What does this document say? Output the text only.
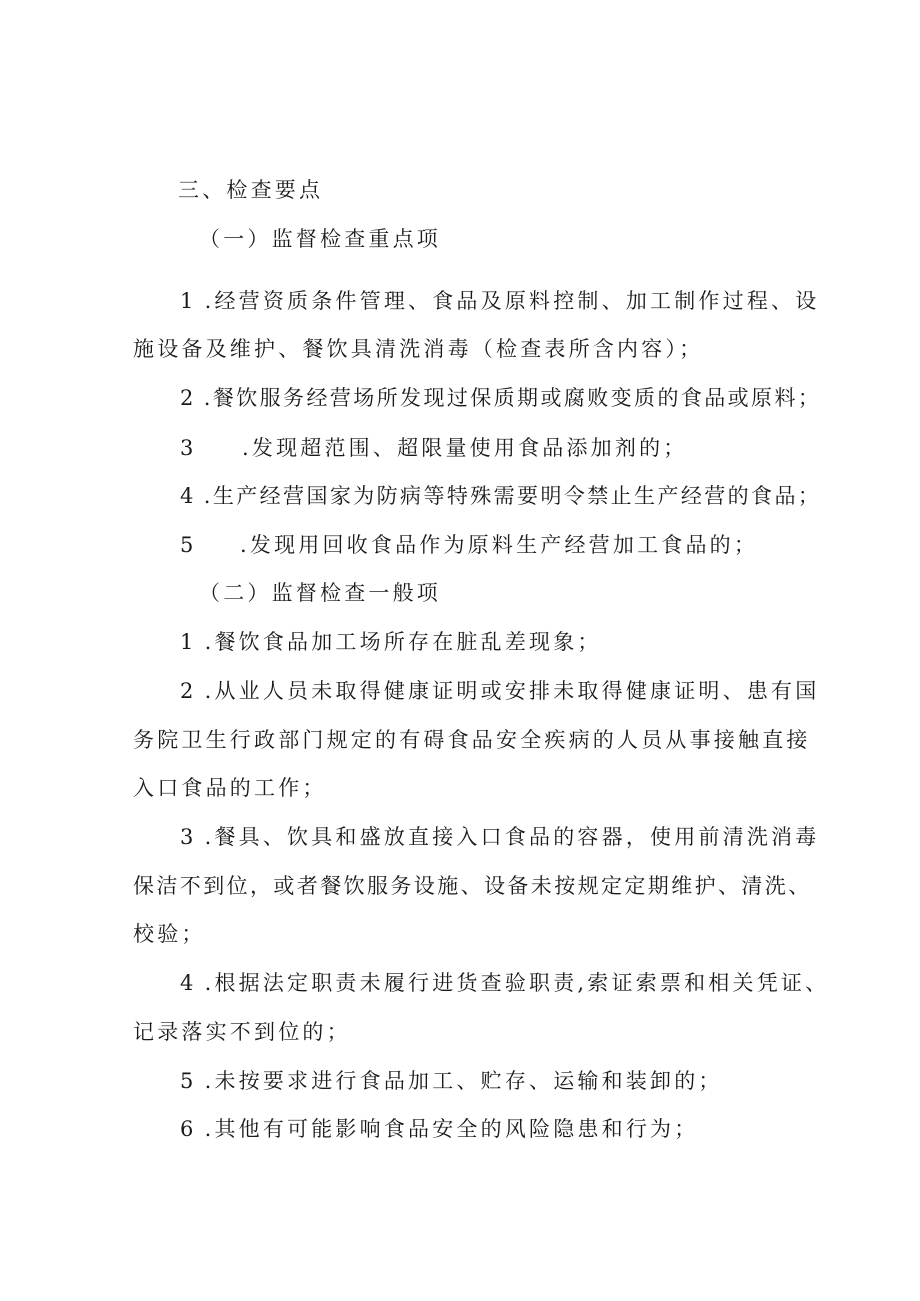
三、检查要点
（一）监督检查重点项
1 .经营资质条件管理、食品及原料控制、加工制作过程、设
施设备及维护、餐饮具清洗消毒（检查表所含内容）；
2 .餐饮服务经营场所发现过保质期或腐败变质的食品或原料；
3 .发现超范围、超限量使用食品添加剂的；
4 .生产经营国家为防病等特殊需要明令禁止生产经营的食品；
5 .发现用回收食品作为原料生产经营加工食品的；
（二）监督检查一般项
1 .餐饮食品加工场所存在脏乱差现象；
2 .从业人员未取得健康证明或安排未取得健康证明、患有国
务院卫生行政部门规定的有碍食品安全疾病的人员从事接触直接
入口食品的工作；
3 .餐具、饮具和盛放直接入口食品的容器，使用前清洗消毒
保洁不到位，或者餐饮服务设施、设备未按规定定期维护、清洗、
校验；
4 .根据法定职责未履行进货查验职责,索证索票和相关凭证、
记录落实不到位的；
5 .未按要求进行食品加工、贮存、运输和装卸的；
6 .其他有可能影响食品安全的风险隐患和行为；
